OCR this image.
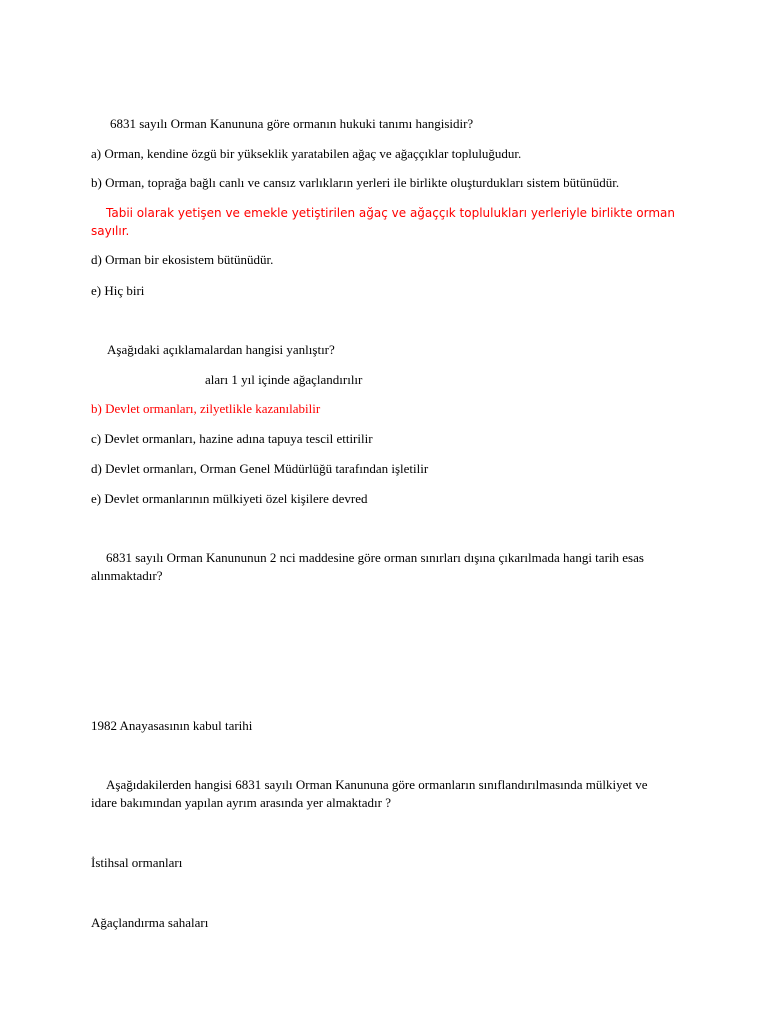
6831 sayılı Orman Kanununa göre ormanın hukuki tanımı hangisidir?
a) Orman, kendine özgü bir yükseklik yaratabilen ağaç ve ağaççıklar topluluğudur.
b) Orman, toprağa bağlı canlı ve cansız varlıkların yerleri ile birlikte oluşturdukları sistem bütünüdür.
Tabii olarak yetişen ve emekle yetiştirilen ağaç ve ağaççık toplulukları yerleriyle birlikte orman sayılır.
d) Orman bir ekosistem bütünüdür.
e) Hiç biri
Aşağıdaki açıklamalardan hangisi yanlıştır?
aları 1 yıl içinde ağaçlandırılır
b) Devlet ormanları, zilyetlikle kazanılabilir
c) Devlet ormanları, hazine adına tapuya tescil ettirilir
d) Devlet ormanları, Orman Genel Müdürlüğü tarafından işletilir
e) Devlet ormanlarının mülkiyeti özel kişilere devred
6831 sayılı Orman Kanununun 2 nci maddesine göre orman sınırları dışına çıkarılmada hangi tarih esas alınmaktadır?
1982 Anayasasının kabul tarihi
Aşağıdakilerden hangisi 6831 sayılı Orman Kanununa göre ormanların sınıflandırılmasında mülkiyet ve idare bakımından yapılan ayrım arasında yer almaktadır ?
İstihsal ormanları
Ağaçlandırma sahaları
